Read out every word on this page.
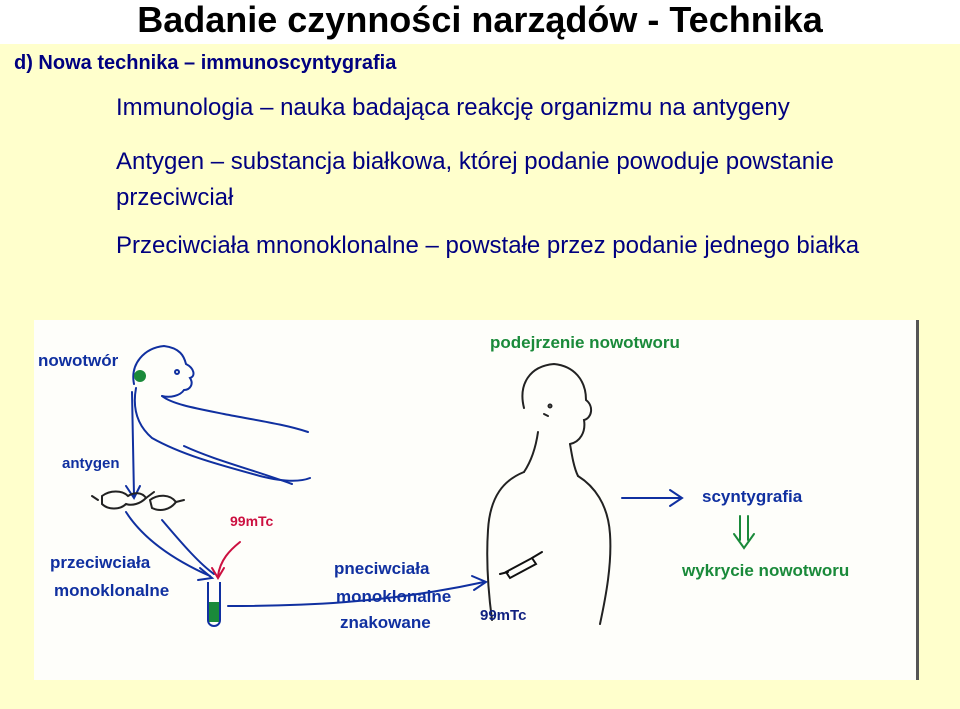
Badanie czynności narządów - Technika
d) Nowa technika – immunoscyntygrafia
Immunologia – nauka badająca reakcję organizmu na antygeny
Antygen – substancja białkowa, której podanie powoduje powstanie przeciwciał
Przeciwciała mnonoklonalne – powstałe przez podanie jednego białka
99mTc
nowotwór
antygen
przeciwciała
monoklonalne
pneciwciała
monoklonalne
znakowane	99mTc
podejrzenie nowotworu
scyntygrafia
wykrycie nowotworu
